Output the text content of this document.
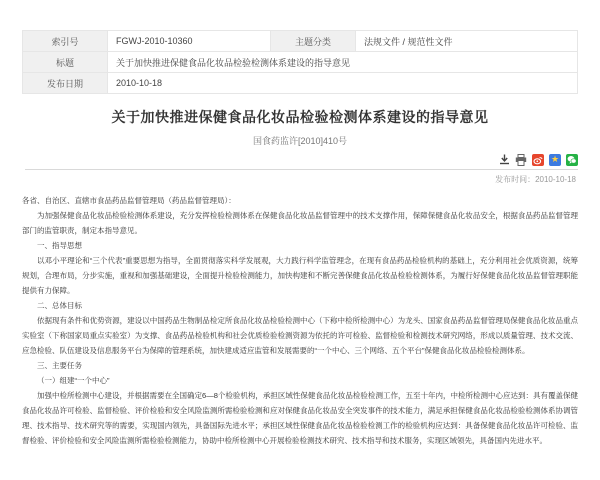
索引号	FGWJ-2010-10360	主题分类	法规文件 / 规范性文件
标题	关于加快推进保健食品化妆品检验检测体系建设的指导意见		
发布日期	2010-10-18		
关于加快推进保健食品化妆品检验检测体系建设的指导意见
国食药监许[2010]410号
★
发布时间：2010-10-18

各省、自治区、直辖市食品药品监督管理局（药品监督管理局）：

为加强保健食品化妆品检验检测体系建设，充分发挥检验检测体系在保健食品化妆品监督管理中的技术支撑作用，保障保健食品化妆品安全，根据食品药品监督管理部门的监管职责，制定本指导意见。

一、指导思想

以邓小平理论和“三个代表”重要思想为指导，全面贯彻落实科学发展观，大力践行科学监管理念，在现有食品药品检验机构的基础上，充分利用社会优质资源，统筹规划，合理布局，分步实施，重视和加强基础建设，全面提升检验检测能力，加快构建和不断完善保健食品化妆品检验检测体系，为履行好保健食品化妆品监督管理职能提供有力保障。

二、总体目标

依据现有条件和优势资源，建设以中国药品生物制品检定所食品化妆品检验检测中心（下称中检所检测中心）为龙头、国家食品药品监督管理局保健食品化妆品重点实验室（下称国家局重点实验室）为支撑、食品药品检验机构和社会优质检验检测资源为依托的许可检验、监督检验和检测技术研究网络，形成以质量管理、技术交流、应急检验、队伍建设及信息服务平台为保障的管理系统，加快建成适应监管和发展需要的“一个中心、三个网络、五个平台”保健食品化妆品检验检测体系。

三、主要任务

（一）组建“一个中心”

加强中检所检测中心建设，并根据需要在全国确定6—8个检验机构，承担区域性保健食品化妆品检验检测工作，五至十年内，中检所检测中心应达到：具有覆盖保健食品化妆品许可检验、监督检验、评价检验和安全风险监测所需检验检测和应对保健食品化妆品安全突发事件的技术能力，满足承担保健食品化妆品检验检测体系协调管理、技术指导、技术研究等的需要，实现国内领先，具备国际先进水平；承担区域性保健食品化妆品检验检测工作的检验机构应达到：具备保健食品化妆品许可检验、监督检验、评价检验和安全风险监测所需检验检测能力，协助中检所检测中心开展检验检测技术研究、技术指导和技术服务，实现区域领先，具备国内先进水平。
